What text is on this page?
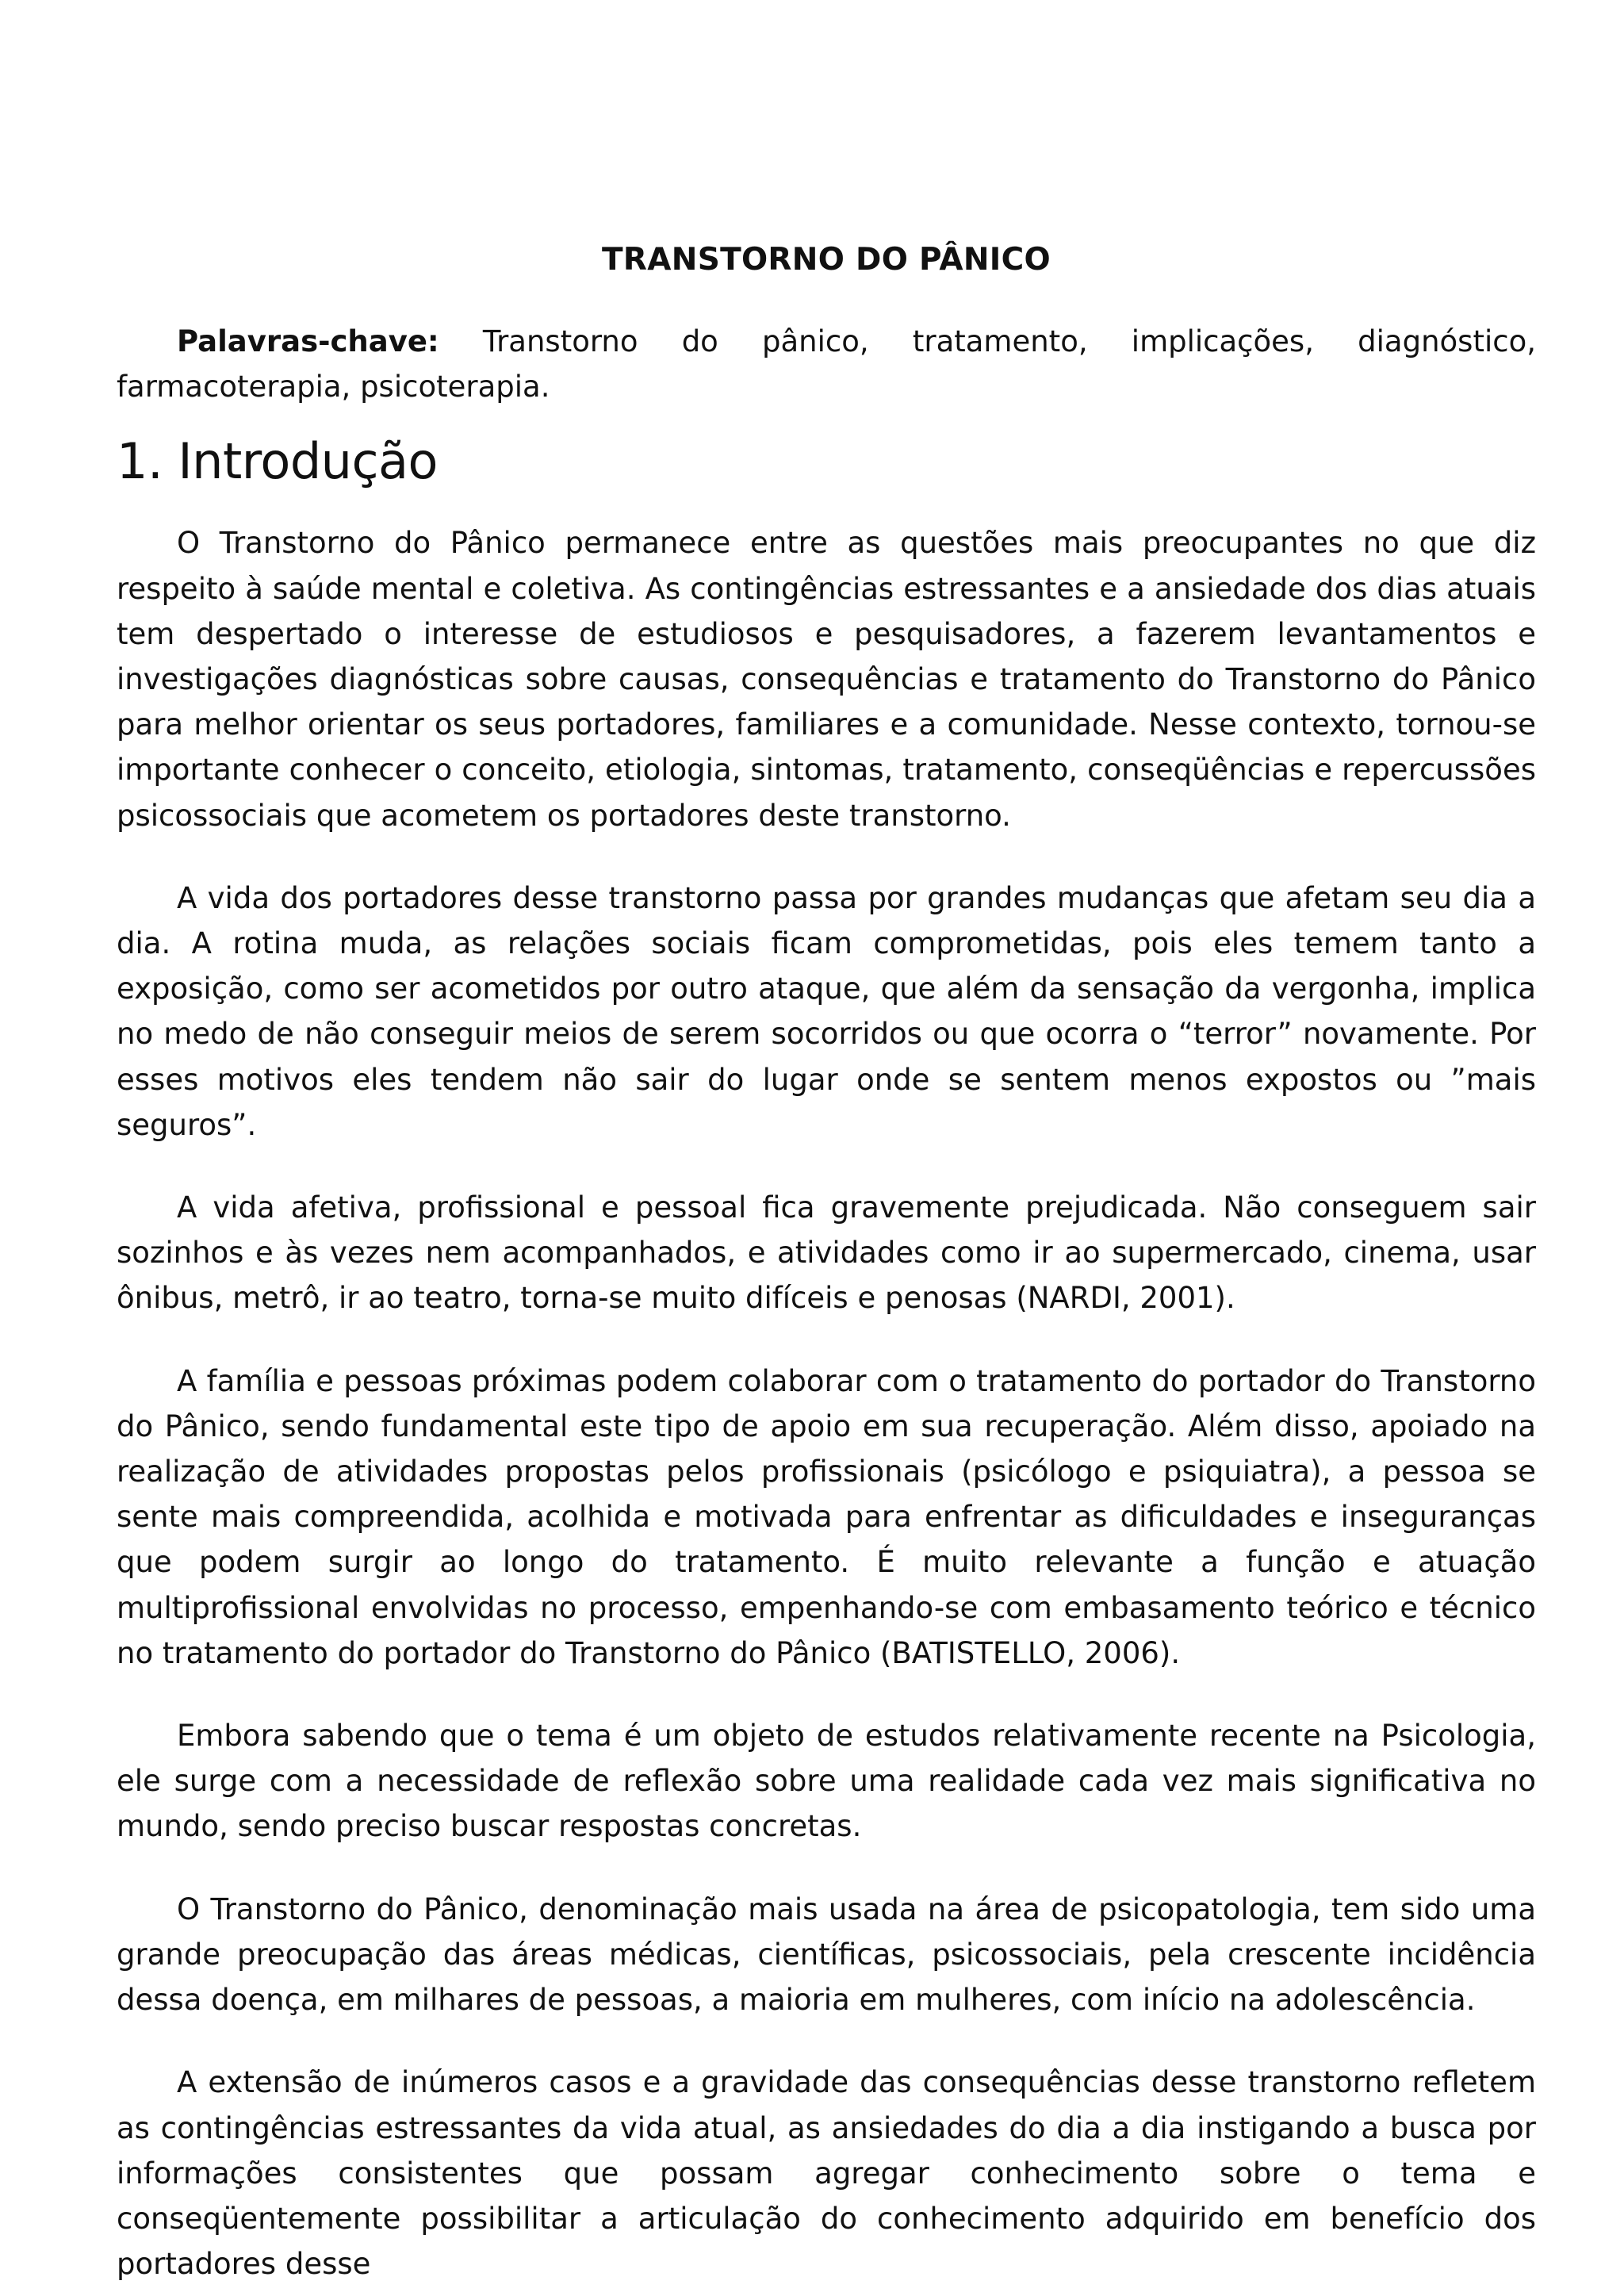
TRANSTORNO DO PÂNICO

Palavras-chave: Transtorno do pânico, tratamento, implicações, diagnóstico, farmacoterapia, psicoterapia.

1. Introdução

O Transtorno do Pânico permanece entre as questões mais preocupantes no que diz respeito à saúde mental e coletiva. As contingências estressantes e a ansiedade dos dias atuais tem despertado o interesse de estudiosos e pesquisadores, a fazerem levantamentos e investigações diagnósticas sobre causas, consequências e tratamento do Transtorno do Pânico para melhor orientar os seus portadores, familiares e a comunidade. Nesse contexto, tornou-se importante conhecer o conceito, etiologia, sintomas, tratamento, conseqüências e repercussões psicossociais que acometem os portadores deste transtorno.

A vida dos portadores desse transtorno passa por grandes mudanças que afetam seu dia a dia. A rotina muda, as relações sociais ficam comprometidas, pois eles temem tanto a exposição, como ser acometidos por outro ataque, que além da sensação da vergonha, implica no medo de não conseguir meios de serem socorridos ou que ocorra o “terror” novamente. Por esses motivos eles tendem não sair do lugar onde se sentem menos expostos ou ”mais seguros”.

A vida afetiva, profissional e pessoal fica gravemente prejudicada. Não conseguem sair sozinhos e às vezes nem acompanhados, e atividades como ir ao supermercado, cinema, usar ônibus, metrô, ir ao teatro, torna-se muito difíceis e penosas (NARDI, 2001).

A família e pessoas próximas podem colaborar com o tratamento do portador do Transtorno do Pânico, sendo fundamental este tipo de apoio em sua recuperação. Além disso, apoiado na realização de atividades propostas pelos profissionais (psicólogo e psiquiatra), a pessoa se sente mais compreendida, acolhida e motivada para enfrentar as dificuldades e inseguranças que podem surgir ao longo do tratamento. É muito relevante a função e atuação multiprofissional envolvidas no processo, empenhando-se com embasamento teórico e técnico no tratamento do portador do Transtorno do Pânico (BATISTELLO, 2006).

Embora sabendo que o tema é um objeto de estudos relativamente recente na Psicologia, ele surge com a necessidade de reflexão sobre uma realidade cada vez mais significativa no mundo, sendo preciso buscar respostas concretas.

O Transtorno do Pânico, denominação mais usada na área de psicopatologia, tem sido uma grande preocupação das áreas médicas, científicas, psicossociais, pela crescente incidência dessa doença, em milhares de pessoas, a maioria em mulheres, com início na adolescência.

A extensão de inúmeros casos e a gravidade das consequências desse transtorno refletem as contingências estressantes da vida atual, as ansiedades do dia a dia instigando a busca por informações consistentes que possam agregar conhecimento sobre o tema e conseqüentemente possibilitar a articulação do conhecimento adquirido em benefício dos portadores desse
